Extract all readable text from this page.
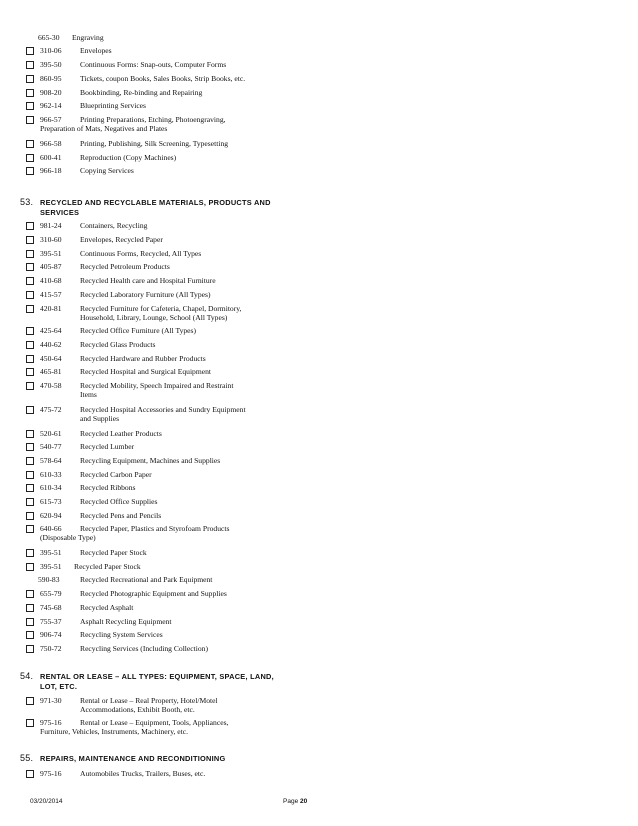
665-30 Engraving
310-06 Envelopes
395-50 Continuous Forms: Snap-outs, Computer Forms
860-95 Tickets, coupon Books, Sales Books, Strip Books, etc.
908-20 Bookbinding, Re-binding and Repairing
962-14 Blueprinting Services
966-57 Printing Preparations, Etching, Photoengraving,
Preparation of Mats, Negatives and Plates
966-58 Printing, Publishing, Silk Screening, Typesetting
600-41 Reproduction (Copy Machines)
966-18 Copying Services
53. RECYCLED AND RECYCLABLE MATERIALS, PRODUCTS AND
SERVICES
981-24 Containers, Recycling
310-60 Envelopes, Recycled Paper
395-51 Continuous Forms, Recycled, All Types
405-87 Recycled Petroleum Products
410-68 Recycled Health care and Hospital Furniture
415-57 Recycled Laboratory Furniture (All Types)
420-81 Recycled Furniture for Cafeteria, Chapel, Dormitory,
Household, Library, Lounge, School (All Types)
425-64 Recycled Office Furniture (All Types)
440-62 Recycled Glass Products
450-64 Recycled Hardware and Rubber Products
465-81 Recycled Hospital and Surgical Equipment
470-58 Recycled Mobility, Speech Impaired and Restraint
Items
475-72 Recycled Hospital Accessories and Sundry Equipment
and Supplies
520-61 Recycled Leather Products
540-77 Recycled Lumber
578-64 Recycling Equipment, Machines and Supplies
610-33 Recycled Carbon Paper
610-34 Recycled Ribbons
615-73 Recycled Office Supplies
620-94 Recycled Pens and Pencils
640-66 Recycled Paper, Plastics and Styrofoam Products
(Disposable Type)
395-51 Recycled Paper Stock
395-51 Recycled Paper Stock
590-83	Recycled Recreational and Park Equipment
655-79 Recycled Photographic Equipment and Supplies
745-68 Recycled Asphalt
755-37 Asphalt Recycling Equipment
906-74 Recycling System Services
750-72 Recycling Services (Including Collection)
54. RENTAL OR LEASE – ALL TYPES: EQUIPMENT, SPACE, LAND,
LOT, ETC.
971-30 Rental or Lease – Real Property, Hotel/Motel
Accommodations, Exhibit Booth, etc.
975-16 Rental or Lease – Equipment, Tools, Appliances,
Furniture, Vehicles, Instruments, Machinery, etc.
55. REPAIRS, MAINTENANCE AND RECONDITIONING
975-16 Automobiles Trucks, Trailers, Buses, etc.
03/20/2014	Page 20
